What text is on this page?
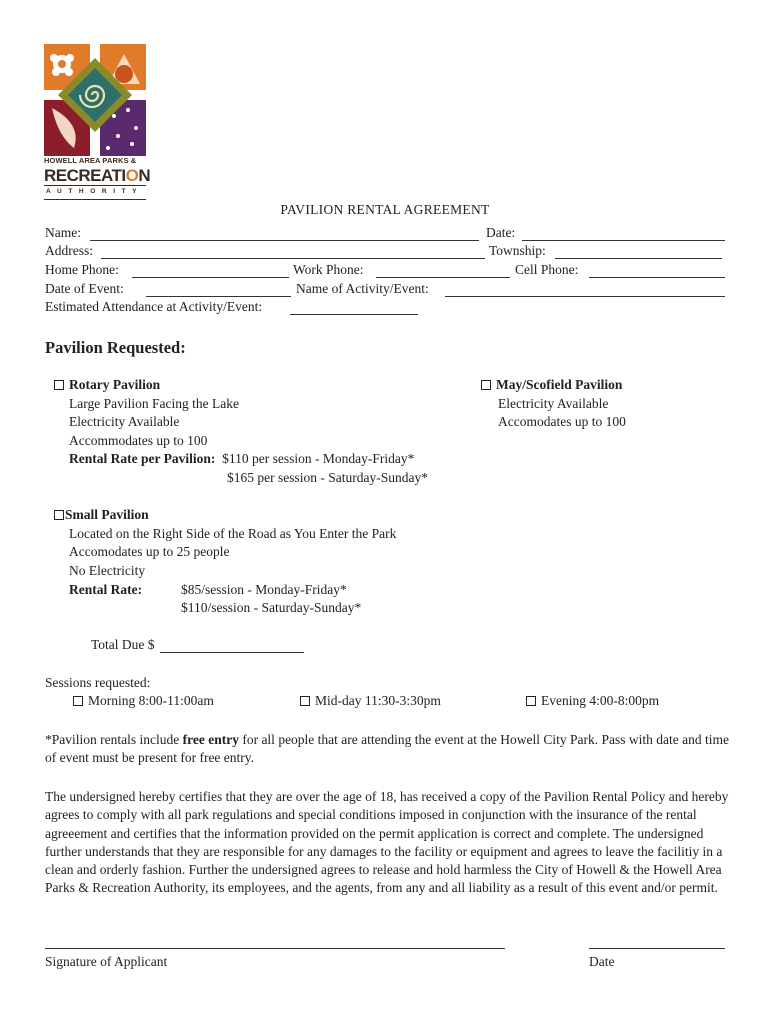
HOWELL AREA PARKS &
RECREATION
A U T H O R I T Y
PAVILION RENTAL AGREEMENT
Name:	Date:
Address:	Township:
Home Phone:	Work Phone:	Cell Phone:
Date of Event:	Name of Activity/Event:
Estimated Attendance at Activity/Event:
Pavilion Requested:
Rotary Pavilion
Large Pavilion Facing the Lake
Electricity Available
Accommodates up to 100
Rental Rate per Pavilion: $110 per session - Monday-Friday*
$165 per session - Saturday-Sunday*
May/Scofield Pavilion
Electricity Available
Accomodates up to 100
Small Pavilion
Located on the Right Side of the Road as You Enter the Park
Accomodates up to 25 people
No Electricity
Rental Rate:	$85/session - Monday-Friday*
$110/session - Saturday-Sunday*
Total Due $
Sessions requested:
Morning 8:00-11:00am	Mid-day 11:30-3:30pm	Evening 4:00-8:00pm
*Pavilion rentals include free entry for all people that are attending the event at the Howell City Park. Pass with date and time of event must be present for free entry.
The undersigned hereby certifies that they are over the age of 18, has received a copy of the Pavilion Rental Policy and hereby agrees to comply with all park regulations and special conditions imposed in conjunction with the insurance of the rental agreeement and certifies that the information provided on the permit application is correct and complete. The undersigned further understands that they are responsible for any damages to the facility or equipment and agrees to leave the facilitiy in a clean and orderly fashion. Further the undersigned agrees to release and hold harmless the City of Howell & the Howell Area Parks & Recreation Authority, its employees, and the agents, from any and all liability as a result of this event and/or permit.
Signature of Applicant	Date
